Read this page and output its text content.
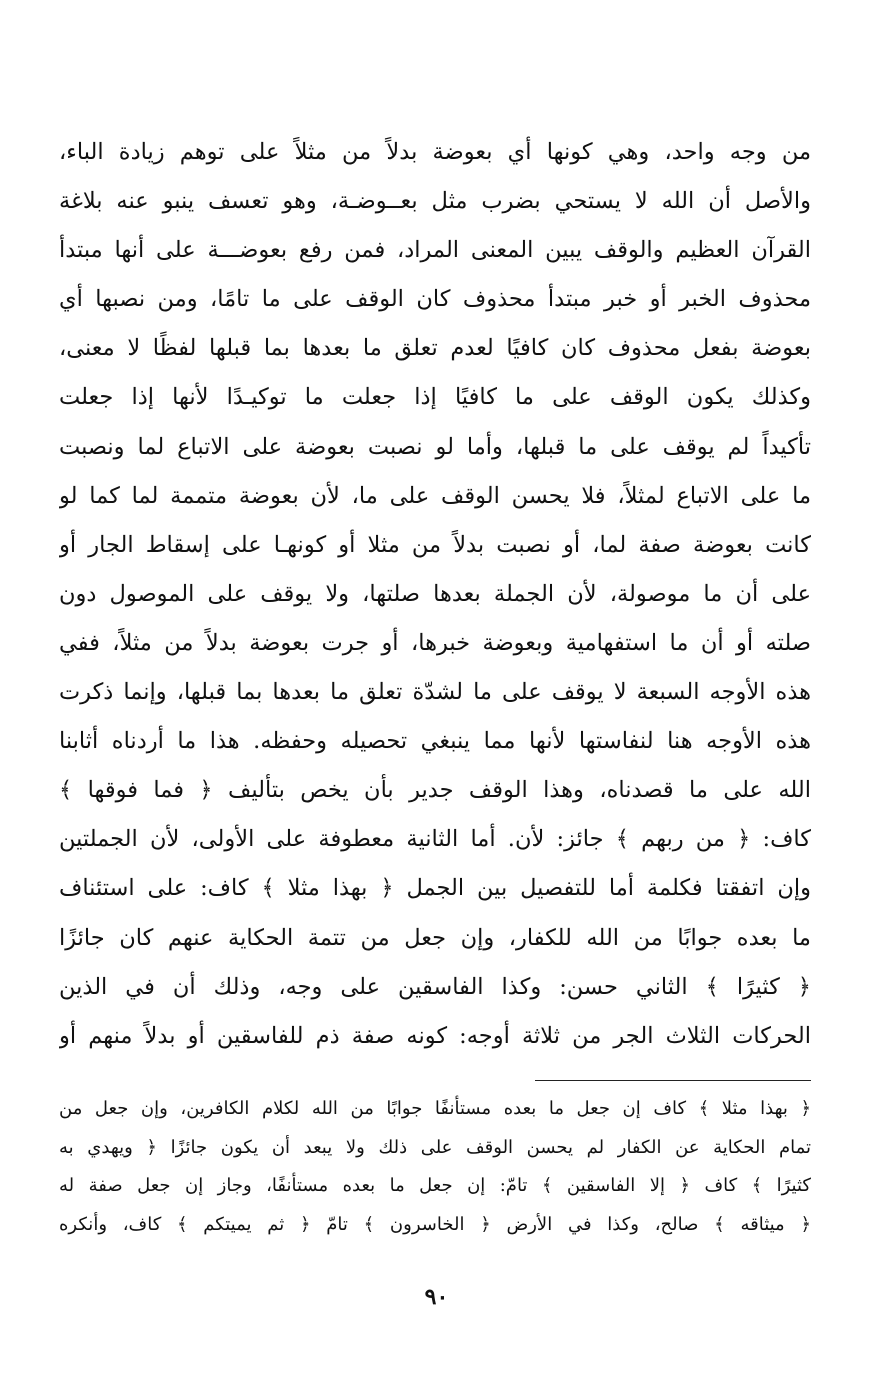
من وجه واحد، وهي كونها أي بعوضة بدلاً من مثلاً على توهم زيادة الباء،
والأصل أن الله لا يستحي بضرب مثل بعــوضـة، وهو تعسف ينبو عنه بلاغة
القرآن العظيم والوقف يبين المعنى المراد، فمن رفع بعوضـــة على أنها مبتدأ
محذوف الخبر أو خبر مبتدأ محذوف كان الوقف على ما تامًا، ومن نصبها أي
بعوضة بفعل محذوف كان كافيًا لعدم تعلق ما بعدها بما قبلها لفظًا لا معنى،
وكذلك يكون الوقف على ما كافيًا إذا جعلت ما توكيـدًا لأنها إذا جعلت
تأكيداً لم يوقف على ما قبلها، وأما لو نصبت بعوضة على الاتباع لما ونصبت
ما على الاتباع لمثلاً، فلا يحسن الوقف على ما، لأن بعوضة متممة لما كما لو
كانت بعوضة صفة لما، أو نصبت بدلاً من مثلا أو كونهـا على إسقاط الجار أو
على أن ما موصولة، لأن الجملة بعدها صلتها، ولا يوقف على الموصول دون
صلته أو أن ما استفهامية وبعوضة خبرها، أو جرت بعوضة بدلاً من مثلاً، ففي
هذه الأوجه السبعة لا يوقف على ما لشدّة تعلق ما بعدها بما قبلها، وإنما ذكرت
هذه الأوجه هنا لنفاستها لأنها مما ينبغي تحصيله وحفظه. هذا ما أردناه أثابنا
الله على ما قصدناه، وهذا الوقف جدير بأن يخص بتأليف ﴿ فما فوقها ﴾
كاف: ﴿ من ربهم ﴾ جائز: لأن. أما الثانية معطوفة على الأولى، لأن الجملتين
وإن اتفقتا فكلمة أما للتفصيل بين الجمل ﴿ بهذا مثلا ﴾ كاف: على استئناف
ما بعده جوابًا من الله للكفار، وإن جعل من تتمة الحكاية عنهم كان جائزًا
﴿ كثيرًا ﴾ الثاني حسن: وكذا الفاسقين على وجه، وذلك أن في الذين
الحركات الثلاث الجر من ثلاثة أوجه: كونه صفة ذم للفاسقين أو بدلاً منهم أو
﴿ بهذا مثلا ﴾ كاف إن جعل ما بعده مستأنفًا جوابًا من الله لكلام الكافرين، وإن جعل من
تمام الحكاية عن الكفار لم يحسن الوقف على ذلك ولا يبعد أن يكون جائزًا ﴿ ويهدي به
كثيرًا ﴾ كاف ﴿ إلا الفاسقين ﴾ تامّ: إن جعل ما بعده مستأنفًا، وجاز إن جعل صفة له
﴿ ميثاقه ﴾ صالح، وكذا في الأرض ﴿ الخاسرون ﴾ تامّ ﴿ ثم يميتكم ﴾ كاف، وأنكره
٩٠
